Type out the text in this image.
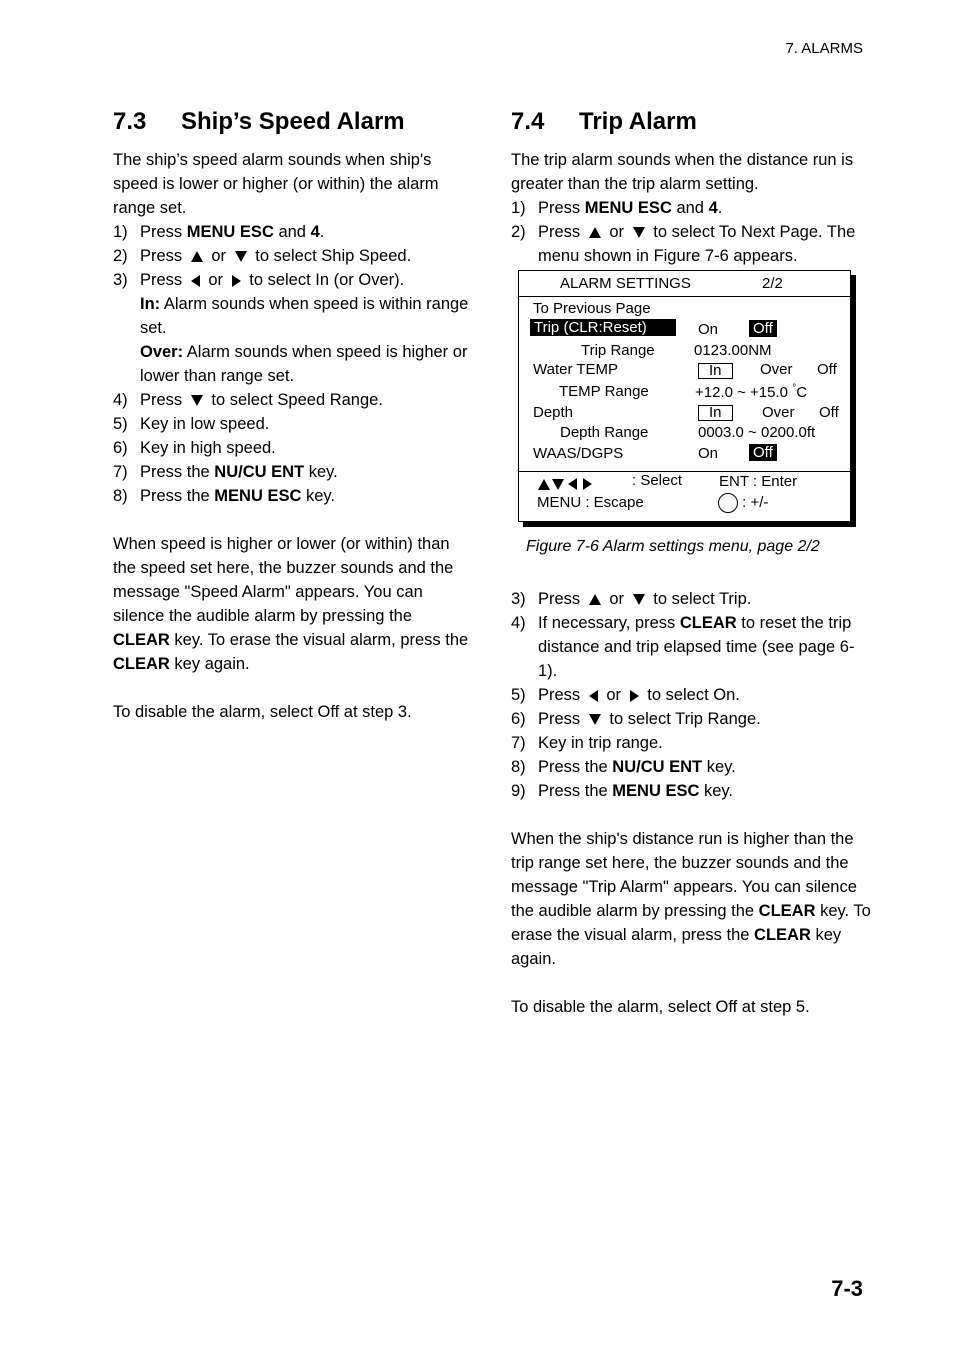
7. ALARMS
7.3 Ship’s Speed Alarm

The ship’s speed alarm sounds when ship's speed is lower or higher (or within) the alarm range set.

1) Press MENU ESC and 4.
2) Press or to select Ship Speed.
3) Press or to select In (or Over).
In: Alarm sounds when speed is within range set.
Over: Alarm sounds when speed is higher or lower than range set.
4) Press to select Speed Range.
5) Key in low speed.
6) Key in high speed.
7) Press the NU/CU ENT key.
8) Press the MENU ESC key.

When speed is higher or lower (or within) than the speed set here, the buzzer sounds and the message "Speed Alarm" appears. You can silence the audible alarm by pressing the CLEAR key. To erase the visual alarm, press the CLEAR key again.

To disable the alarm, select Off at step 3.

7.4 Trip Alarm

The trip alarm sounds when the distance run is greater than the trip alarm setting.

1) Press MENU ESC and 4.
2) Press or to select To Next Page. The menu shown in Figure 7-6 appears.
ALARM SETTINGS	2/2
To Previous Page
Trip (CLR:Reset)	On Off
Trip Range	0123.00NM
Water TEMP	In	Over Off
TEMP Range	+12.0 ~ +15.0 °C
Depth	In	Over Off
Depth Range	0003.0 ~ 0200.0ft
WAAS/DGPS	On Off
: Select ENT : Enter
MENU : Escape	: +/-
Figure 7-6 Alarm settings menu, page 2/2
3) Press or to select Trip.
4) If necessary, press CLEAR to reset the trip distance and trip elapsed time (see page 6-1).
5) Press or to select On.
6) Press to select Trip Range.
7) Key in trip range.
8) Press the NU/CU ENT key.
9) Press the MENU ESC key.

When the ship's distance run is higher than the trip range set here, the buzzer sounds and the message "Trip Alarm" appears. You can silence the audible alarm by pressing the CLEAR key. To erase the visual alarm, press the CLEAR key again.

To disable the alarm, select Off at step 5.

7-3
